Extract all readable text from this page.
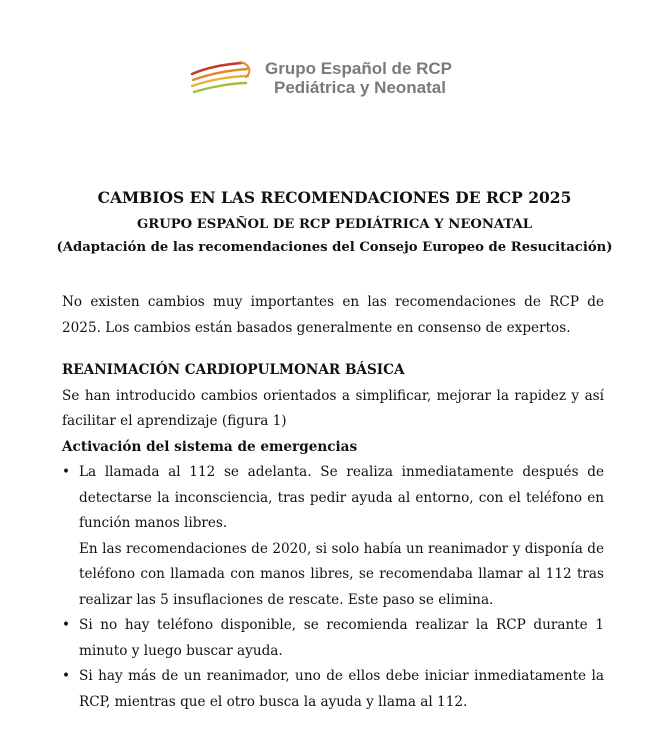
Grupo Español de RCP
Pediátrica y Neonatal
CAMBIOS EN LAS RECOMENDACIONES DE RCP 2025
GRUPO ESPAÑOL DE RCP PEDIÁTRICA Y NEONATAL
(Adaptación de las recomendaciones del Consejo Europeo de Resucitación)

No existen cambios muy importantes en las recomendaciones de RCP de 2025. Los cambios están basados generalmente en consenso de expertos.

REANIMACIÓN CARDIOPULMONAR BÁSICA
Se han introducido cambios orientados a simplificar, mejorar la rapidez y así facilitar el aprendizaje (figura 1)
Activación del sistema de emergencias

• La llamada al 112 se adelanta. Se realiza inmediatamente después de detectarse la inconsciencia, tras pedir ayuda al entorno, con el teléfono en función manos libres.

En las recomendaciones de 2020, si solo había un reanimador y disponía de teléfono con llamada con manos libres, se recomendaba llamar al 112 tras realizar las 5 insuflaciones de rescate. Este paso se elimina.

• Si no hay teléfono disponible, se recomienda realizar la RCP durante 1 minuto y luego buscar ayuda.

• Si hay más de un reanimador, uno de ellos debe iniciar inmediatamente la RCP, mientras que el otro busca la ayuda y llama al 112.
